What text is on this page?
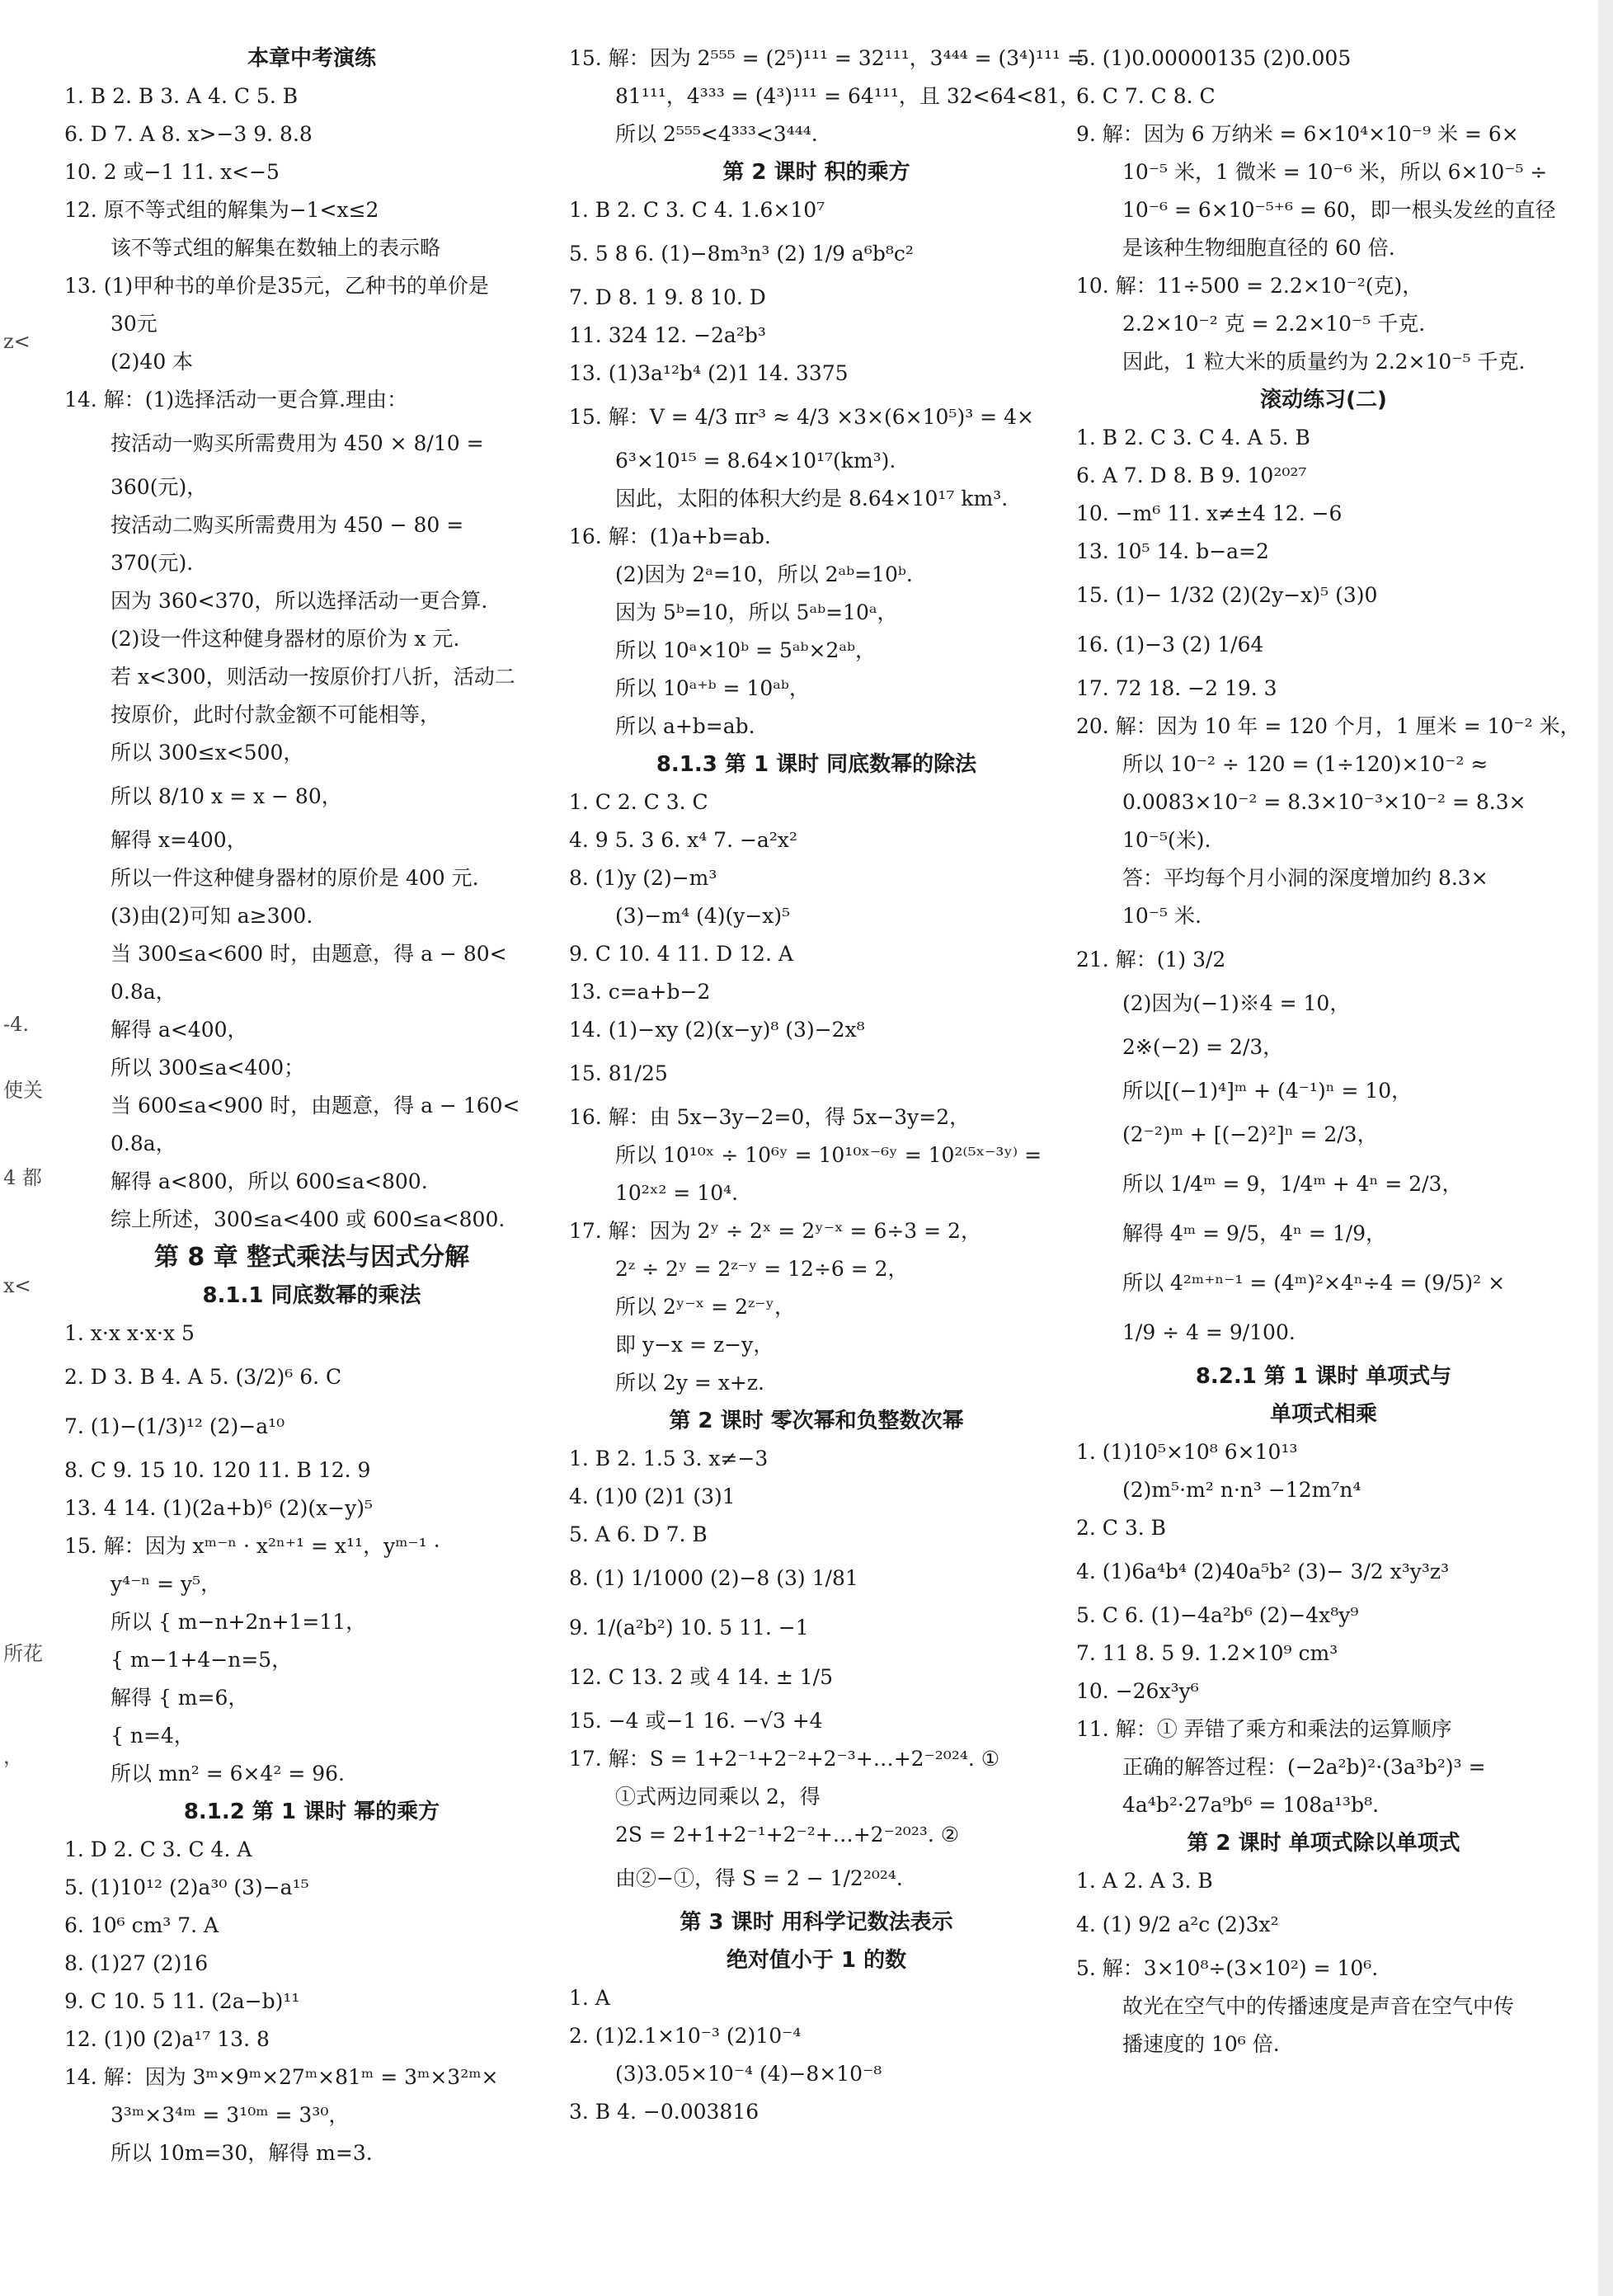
z<
-4.
使关
4 都
x<
所花
，
本章中考演练
1. B 2. B 3. A 4. C 5. B
6. D 7. A 8. x>−3 9. 8.8
10. 2 或−1 11. x<−5
12. 原不等式组的解集为−1<x≤2
该不等式组的解集在数轴上的表示略
13. (1)甲种书的单价是35元，乙种书的单价是
30元
(2)40 本
14. 解：(1)选择活动一更合算.理由：
按活动一购买所需费用为 450 × 8/10 =
360(元)，
按活动二购买所需费用为 450 − 80 =
370(元).
因为 360<370，所以选择活动一更合算.
(2)设一件这种健身器材的原价为 x 元.
若 x<300，则活动一按原价打八折，活动二
按原价，此时付款金额不可能相等，
所以 300≤x<500，
所以 8/10 x = x − 80，
解得 x=400，
所以一件这种健身器材的原价是 400 元.
(3)由(2)可知 a≥300.
当 300≤a<600 时，由题意，得 a − 80<
0.8a，
解得 a<400，
所以 300≤a<400；
当 600≤a<900 时，由题意，得 a − 160<
0.8a，
解得 a<800，所以 600≤a<800.
综上所述，300≤a<400 或 600≤a<800.
第 8 章 整式乘法与因式分解
8.1.1 同底数幂的乘法
1. x·x x·x·x 5
2. D 3. B 4. A 5. (3/2)⁶ 6. C
7. (1)−(1/3)¹² (2)−a¹⁰
8. C 9. 15 10. 120 11. B 12. 9
13. 4 14. (1)(2a+b)⁶ (2)(x−y)⁵
15. 解：因为 xᵐ⁻ⁿ · x²ⁿ⁺¹ = x¹¹，yᵐ⁻¹ ·
y⁴⁻ⁿ = y⁵，
所以 { m−n+2n+1=11，
{ m−1+4−n=5，
解得 { m=6，
{ n=4，
所以 mn² = 6×4² = 96.
8.1.2 第 1 课时 幂的乘方
1. D 2. C 3. C 4. A
5. (1)10¹² (2)a³⁰ (3)−a¹⁵
6. 10⁶ cm³ 7. A
8. (1)27 (2)16
9. C 10. 5 11. (2a−b)¹¹
12. (1)0 (2)a¹⁷ 13. 8
14. 解：因为 3ᵐ×9ᵐ×27ᵐ×81ᵐ = 3ᵐ×3²ᵐ×
3³ᵐ×3⁴ᵐ = 3¹⁰ᵐ = 3³⁰，
所以 10m=30，解得 m=3.
15. 解：因为 2⁵⁵⁵ = (2⁵)¹¹¹ = 32¹¹¹，3⁴⁴⁴ = (3⁴)¹¹¹ =
81¹¹¹，4³³³ = (4³)¹¹¹ = 64¹¹¹，且 32<64<81，
所以 2⁵⁵⁵<4³³³<3⁴⁴⁴.
第 2 课时 积的乘方
1. B 2. C 3. C 4. 1.6×10⁷
5. 5 8 6. (1)−8m³n³ (2) 1/9 a⁶b⁸c²
7. D 8. 1 9. 8 10. D
11. 324 12. −2a²b³
13. (1)3a¹²b⁴ (2)1 14. 3375
15. 解：V = 4/3 πr³ ≈ 4/3 ×3×(6×10⁵)³ = 4×
6³×10¹⁵ = 8.64×10¹⁷(km³).
因此，太阳的体积大约是 8.64×10¹⁷ km³.
16. 解：(1)a+b=ab.
(2)因为 2ᵃ=10，所以 2ᵃᵇ=10ᵇ.
因为 5ᵇ=10，所以 5ᵃᵇ=10ᵃ，
所以 10ᵃ×10ᵇ = 5ᵃᵇ×2ᵃᵇ，
所以 10ᵃ⁺ᵇ = 10ᵃᵇ，
所以 a+b=ab.
8.1.3 第 1 课时 同底数幂的除法
1. C 2. C 3. C
4. 9 5. 3 6. x⁴ 7. −a²x²
8. (1)y (2)−m³
(3)−m⁴ (4)(y−x)⁵
9. C 10. 4 11. D 12. A
13. c=a+b−2
14. (1)−xy (2)(x−y)⁸ (3)−2x⁸
15. 81/25
16. 解：由 5x−3y−2=0，得 5x−3y=2，
所以 10¹⁰ˣ ÷ 10⁶ʸ = 10¹⁰ˣ⁻⁶ʸ = 10²⁽⁵ˣ⁻³ʸ⁾ =
10²ˣ² = 10⁴.
17. 解：因为 2ʸ ÷ 2ˣ = 2ʸ⁻ˣ = 6÷3 = 2，
2ᶻ ÷ 2ʸ = 2ᶻ⁻ʸ = 12÷6 = 2，
所以 2ʸ⁻ˣ = 2ᶻ⁻ʸ，
即 y−x = z−y，
所以 2y = x+z.
第 2 课时 零次幂和负整数次幂
1. B 2. 1.5 3. x≠−3
4. (1)0 (2)1 (3)1
5. A 6. D 7. B
8. (1) 1/1000 (2)−8 (3) 1/81
9. 1/(a²b²) 10. 5 11. −1
12. C 13. 2 或 4 14. ± 1/5
15. −4 或−1 16. −√3 +4
17. 解：S = 1+2⁻¹+2⁻²+2⁻³+…+2⁻²⁰²⁴. ①
①式两边同乘以 2，得
2S = 2+1+2⁻¹+2⁻²+…+2⁻²⁰²³. ②
由②−①，得 S = 2 − 1/2²⁰²⁴.
第 3 课时 用科学记数法表示
绝对值小于 1 的数
1. A
2. (1)2.1×10⁻³ (2)10⁻⁴
(3)3.05×10⁻⁴ (4)−8×10⁻⁸
3. B 4. −0.003816
5. (1)0.00000135 (2)0.005
6. C 7. C 8. C
9. 解：因为 6 万纳米 = 6×10⁴×10⁻⁹ 米 = 6×
10⁻⁵ 米，1 微米 = 10⁻⁶ 米，所以 6×10⁻⁵ ÷
10⁻⁶ = 6×10⁻⁵⁺⁶ = 60，即一根头发丝的直径
是该种生物细胞直径的 60 倍.
10. 解：11÷500 = 2.2×10⁻²(克)，
2.2×10⁻² 克 = 2.2×10⁻⁵ 千克.
因此，1 粒大米的质量约为 2.2×10⁻⁵ 千克.
滚动练习(二)
1. B 2. C 3. C 4. A 5. B
6. A 7. D 8. B 9. 10²⁰²⁷
10. −m⁶ 11. x≠±4 12. −6
13. 10⁵ 14. b−a=2
15. (1)− 1/32 (2)(2y−x)⁵ (3)0
16. (1)−3 (2) 1/64
17. 72 18. −2 19. 3
20. 解：因为 10 年 = 120 个月，1 厘米 = 10⁻² 米，
所以 10⁻² ÷ 120 = (1÷120)×10⁻² ≈
0.0083×10⁻² = 8.3×10⁻³×10⁻² = 8.3×
10⁻⁵(米).
答：平均每个月小洞的深度增加约 8.3×
10⁻⁵ 米.
21. 解：(1) 3/2
(2)因为(−1)※4 = 10，
2※(−2) = 2/3，
所以[(−1)⁴]ᵐ + (4⁻¹)ⁿ = 10，
(2⁻²)ᵐ + [(−2)²]ⁿ = 2/3，
所以 1/4ᵐ = 9，1/4ᵐ + 4ⁿ = 2/3，
解得 4ᵐ = 9/5，4ⁿ = 1/9，
所以 4²ᵐ⁺ⁿ⁻¹ = (4ᵐ)²×4ⁿ÷4 = (9/5)² ×
1/9 ÷ 4 = 9/100.
8.2.1 第 1 课时 单项式与
单项式相乘
1. (1)10⁵×10⁸ 6×10¹³
(2)m⁵·m² n·n³ −12m⁷n⁴
2. C 3. B
4. (1)6a⁴b⁴ (2)40a⁵b² (3)− 3/2 x³y³z³
5. C 6. (1)−4a²b⁶ (2)−4x⁸y⁹
7. 11 8. 5 9. 1.2×10⁹ cm³
10. −26x³y⁶
11. 解：① 弄错了乘方和乘法的运算顺序
正确的解答过程：(−2a²b)²·(3a³b²)³ =
4a⁴b²·27a⁹b⁶ = 108a¹³b⁸.
第 2 课时 单项式除以单项式
1. A 2. A 3. B
4. (1) 9/2 a²c (2)3x²
5. 解：3×10⁸÷(3×10²) = 10⁶.
故光在空气中的传播速度是声音在空气中传
播速度的 10⁶ 倍.
